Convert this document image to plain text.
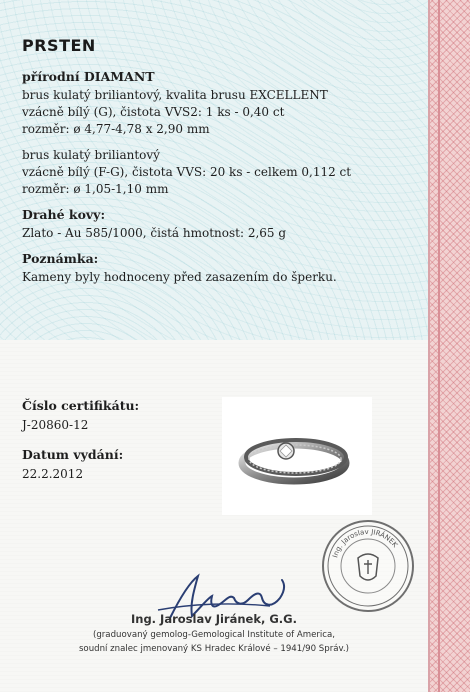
PRSTEN
přírodní DIAMANT

brus kulatý briliantový, kvalita brusu EXCELLENT

vzácně bílý (G), čistota VVS2: 1 ks - 0,40 ct

rozměr: ø 4,77-4,78 x 2,90 mm

brus kulatý briliantový

vzácně bílý (F-G), čistota VVS: 20 ks - celkem 0,112 ct

rozměr: ø 1,05-1,10 mm

Drahé kovy:

Zlato - Au 585/1000, čistá hmotnost: 2,65 g

Poznámka:

Kameny byly hodnoceny před zasazením do šperku.

Číslo certifikátu:

J-20860-12

Datum vydání:

22.2.2012

Ing. Jaroslav JIRÁNEK
Ing. Jaroslav Jiránek, G.G.
(graduovaný gemolog-Gemological Institute of America,
soudní znalec jmenovaný KS Hradec Králové – 1941/90 Správ.)
